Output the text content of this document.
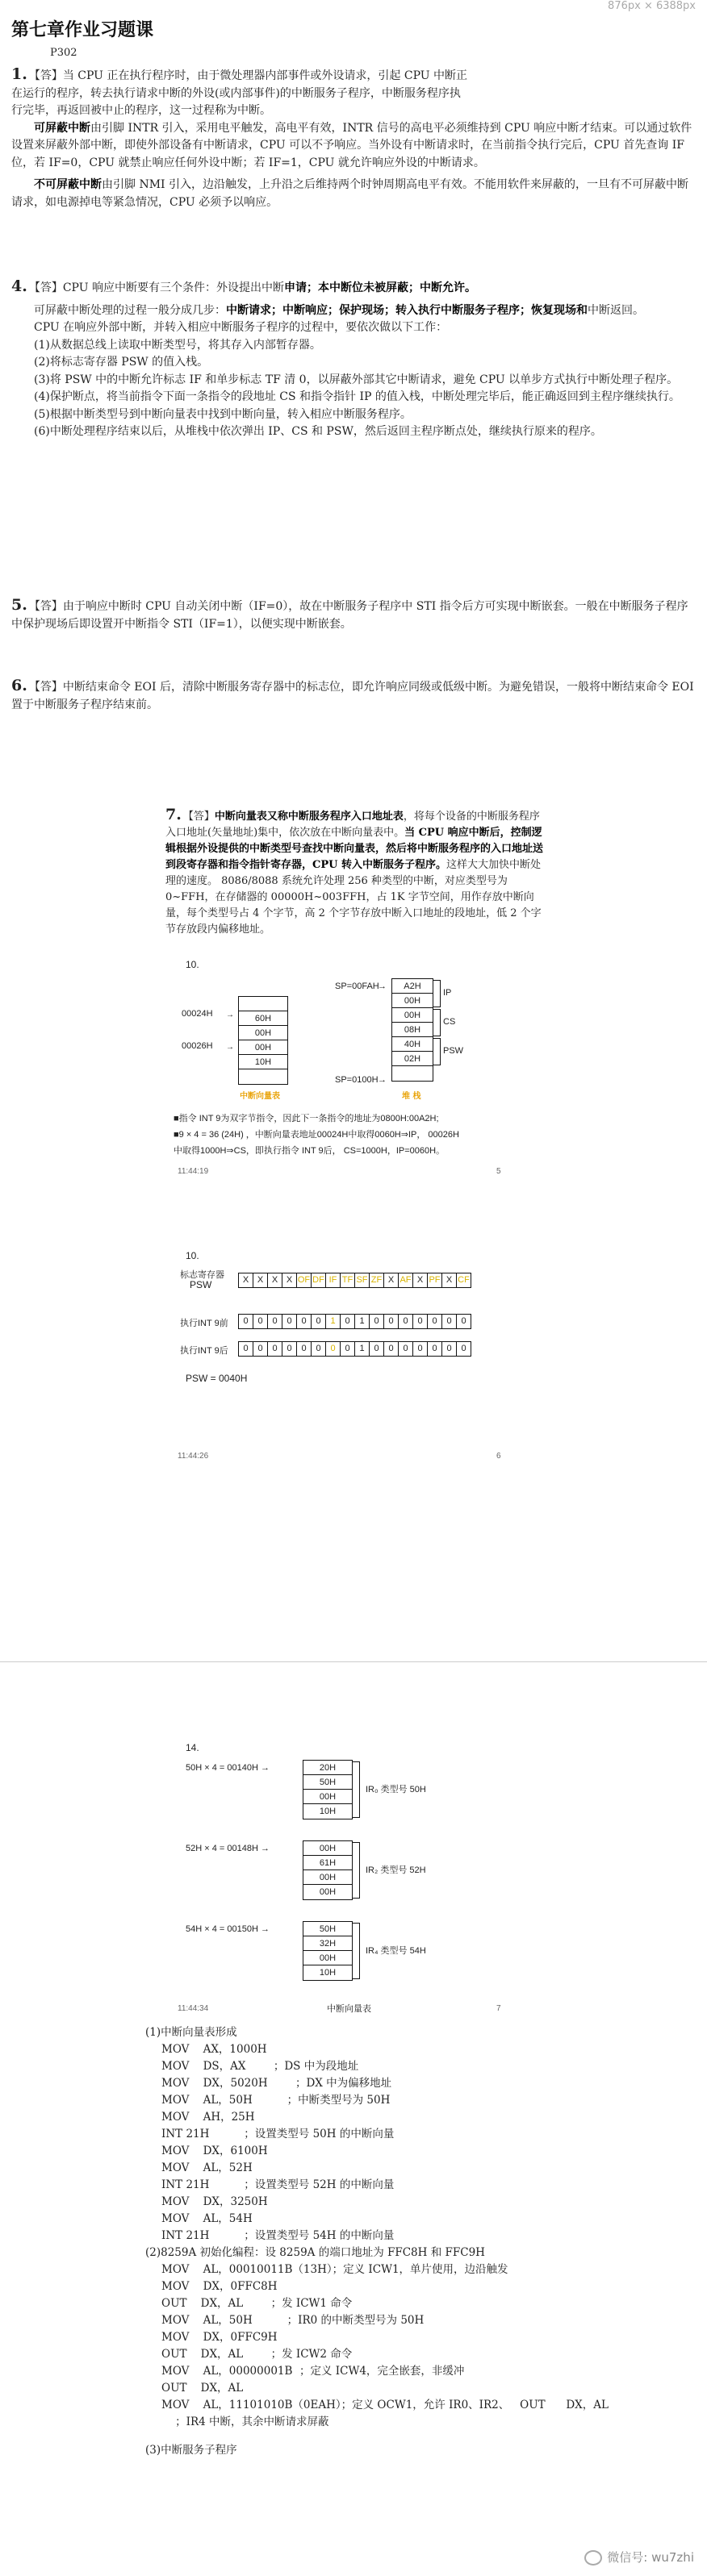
876px × 6388px
第七章作业习题课
P302
1. 【答】当 CPU 正在执行程序时，由于微处理器内部事件或外设请求，引起 CPU 中断正
在运行的程序，转去执行请求中断的外设(或内部事件)的中断服务子程序，中断服务程序执
行完毕，再返回被中止的程序，这一过程称为中断。

可屏蔽中断由引脚 INTR 引入，采用电平触发，高电平有效，INTR 信号的高电平必须维持到 CPU 响应中断才结束。可以通过软件设置来屏蔽外部中断，即使外部设备有中断请求，CPU 可以不予响应。当外设有中断请求时，在当前指令执行完后，CPU 首先查询 IF 位，若 IF=0，CPU 就禁止响应任何外设中断；若 IF=1，CPU 就允许响应外设的中断请求。
不可屏蔽中断由引脚 NMI 引入，边沿触发，上升沿之后维持两个时钟周期高电平有效。不能用软件来屏蔽的，一旦有不可屏蔽中断请求，如电源掉电等紧急情况，CPU 必须予以响应。
4. 【答】CPU 响应中断要有三个条件：外设提出中断申请；本中断位未被屏蔽；中断允许。
可屏蔽中断处理的过程一般分成几步：中断请求；中断响应；保护现场；转入执行中断服务子程序；恢复现场和中断返回。
CPU 在响应外部中断，并转入相应中断服务子程序的过程中，要依次做以下工作：
(1)从数据总线上读取中断类型号，将其存入内部暂存器。
(2)将标志寄存器 PSW 的值入栈。
(3)将 PSW 中的中断允许标志 IF 和单步标志 TF 清 0，以屏蔽外部其它中断请求，避免 CPU 以单步方式执行中断处理子程序。
(4)保护断点，将当前指令下面一条指令的段地址 CS 和指令指针 IP 的值入栈，中断处理完毕后，能正确返回到主程序继续执行。
(5)根据中断类型号到中断向量表中找到中断向量，转入相应中断服务程序。
(6)中断处理程序结束以后，从堆栈中依次弹出 IP、CS 和 PSW，然后返回主程序断点处，继续执行原来的程序。
5. 【答】由于响应中断时 CPU 自动关闭中断（IF=0），故在中断服务子程序中 STI 指令后方可实现中断嵌套。一般在中断服务子程序中保护现场后即设置开中断指令 STI（IF=1），以便实现中断嵌套。
6. 【答】中断结束命令 EOI 后，清除中断服务寄存器中的标志位，即允许响应同级或低级中断。为避免错误，一般将中断结束命令 EOI 置于中断服务子程序结束前。
7. 【答】中断向量表又称中断服务程序入口地址表，将每个设备的中断服务程序入口地址(矢量地址)集中，依次放在中断向量表中。当 CPU 响应中断后，控制逻辑根据外设提供的中断类型号查找中断向量表，然后将中断服务程序的入口地址送到段寄存器和指令指针寄存器，CPU 转入中断服务子程序。这样大大加快中断处理的速度。 8086/8088 系统允许处理 256 种类型的中断，对应类型号为 0~FFH，在存储器的 00000H~003FFH，占 1K 字节空间，用作存放中断向量，每个类型号占 4 个字节，高 2 个字节存放中断入口地址的段地址，低 2 个字节存放段内偏移地址。
10.
00024H
00026H
→
→
60H
00H
00H
10H
中断向量表
SP=00FAH
→	A2H
00H
00H
08H
40H
02H
SP=0100H →
IP
CS
PSW
堆 栈
■指令 INT 9为双字节指令，因此下一条指令的地址为0800H:00A2H;
■9 × 4 = 36 (24H) ，中断向量表地址00024H中取得0060H⇒IP， 00026H
中取得1000H⇒CS，即执行指令 INT 9后， CS=1000H，IP=0060H。
11:44:19	5
10.
标志寄存器
PSW	X X X X OF DF IF TF SF ZF X AF X PF X CF
执行INT 9前	0	0	0	0	0	0	1	0	1	0	0	0	0	0	0	0
执行INT 9后	0	0	0	0	0	0	0	0	1	0	0	0	0	0	0	0
PSW = 0040H
11:44:26	6
14.
50H × 4 = 00140H →	20H
50H
00H
10H
IR₀ 类型号 50H
52H × 4 = 00148H →	00H
61H
00H
00H
IR₂ 类型号 52H
54H × 4 = 00150H →	50H
32H
00H
10H
IR₄ 类型号 54H
中断向量表
11:44:34	7
(1)中断向量表形成
MOV    AX，1000H
MOV    DS，AX        ；DS 中为段地址
MOV    DX，5020H        ；DX 中为偏移地址
MOV    AL，50H          ；中断类型号为 50H
MOV    AH，25H
INT 21H          ；设置类型号 50H 的中断向量
MOV    DX，6100H
MOV    AL，52H
INT 21H          ；设置类型号 52H 的中断向量
MOV    DX，3250H
MOV    AL，54H
INT 21H          ；设置类型号 54H 的中断向量
(2)8259A 初始化编程：设 8259A 的端口地址为 FFC8H 和 FFC9H
MOV    AL，00010011B（13H）；定义 ICW1，单片使用，边沿触发
MOV    DX，0FFC8H
OUT    DX，AL        ；发 ICW1 命令
MOV    AL，50H          ；IR0 的中断类型号为 50H
MOV    DX，0FFC9H
OUT    DX，AL        ；发 ICW2 命令
MOV    AL，00000001B  ；定义 ICW4，完全嵌套，非缓冲
OUT    DX，AL
MOV    AL，11101010B（0EAH）；定义 OCW1，允许 IR0、IR2、   OUT      DX，AL
；IR4 中断，其余中断请求屏蔽
(3)中断服务子程序
微信号: wu7zhi
